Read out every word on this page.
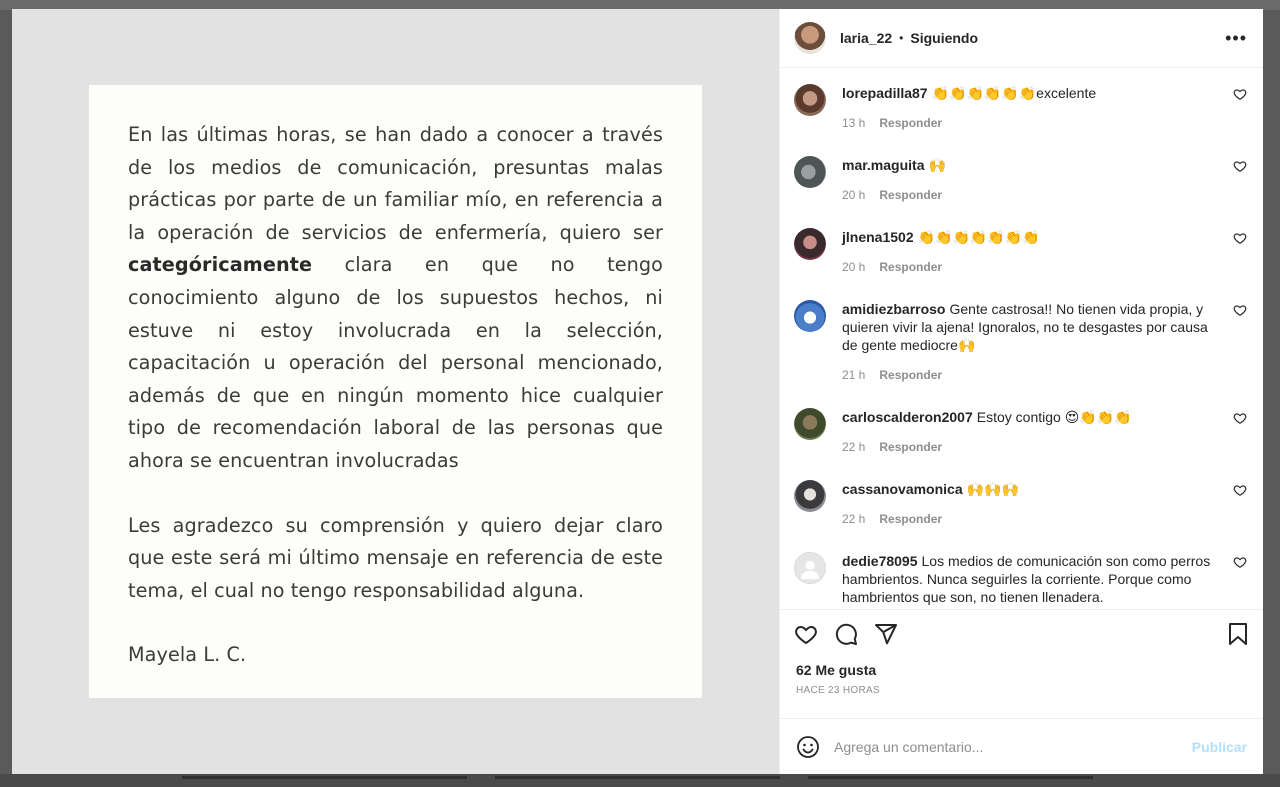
En las últimas horas, se han dado a conocer a través de los medios de comunicación, presuntas malas prácticas por parte de un familiar mío, en referencia a la operación de servicios de enfermería, quiero ser categóricamente clara en que no tengo conocimiento alguno de los supuestos hechos, ni estuve ni estoy involucrada en la selección, capacitación u operación del personal mencionado, además de que en ningún momento hice cualquier tipo de recomendación laboral de las personas que ahora se encuentran involucradas

Les agradezco su comprensión y quiero dejar claro que este será mi último mensaje en referencia de este tema, el cual no tengo responsabilidad alguna.

Mayela L. C.

laria_22 • Siguiendo	•••
lorepadilla87 👏👏👏👏👏👏excelente
13 h Responder
mar.maguita 🙌
20 h Responder
jlnena1502 👏👏👏👏👏👏👏
20 h Responder
amidiezbarroso Gente castrosa!! No tienen vida propia, y quieren vivir la ajena! Ignoralos, no te desgastes por causa de gente mediocre🙌
21 h Responder
carloscalderon2007 Estoy contigo 😍👏👏👏
22 h Responder
cassanovamonica 🙌🙌🙌
22 h Responder
dedie78095 Los medios de comunicación son como perros hambrientos. Nunca seguirles la corriente. Porque como hambrientos que son, no tienen llenadera.
62 Me gusta
HACE 23 HORAS
Agrega un comentario...
Publicar
